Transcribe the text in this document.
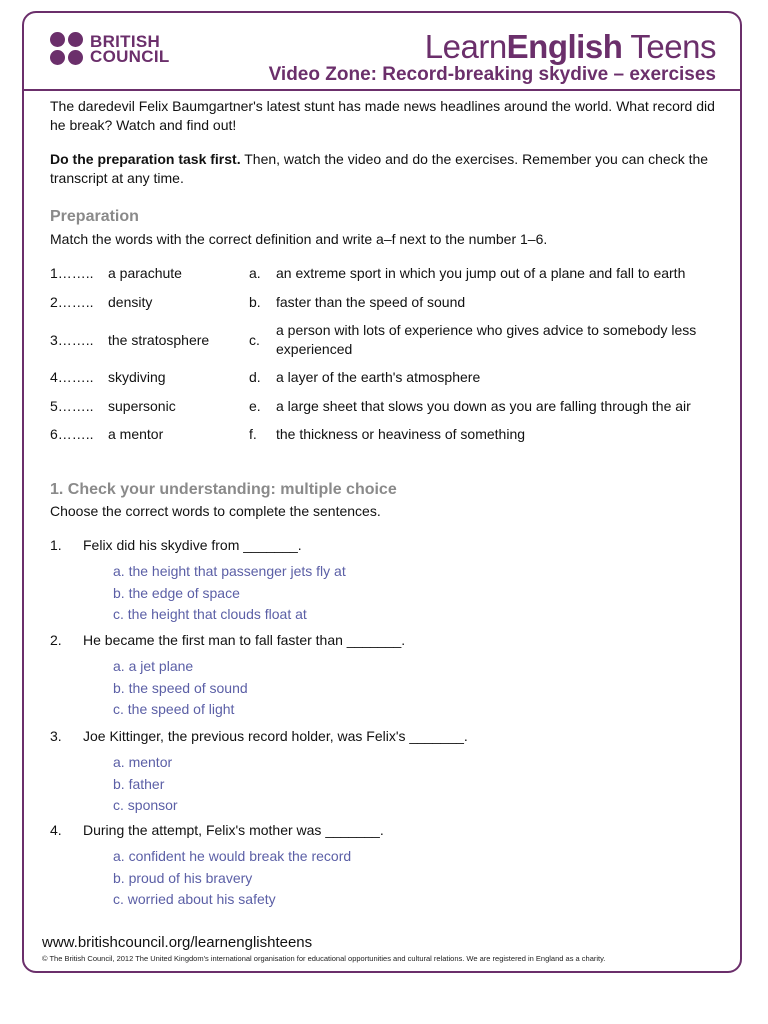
BRITISH
COUNCIL	LearnEnglish Teens
Video Zone: Record-breaking skydive – exercises
The daredevil Felix Baumgartner's latest stunt has made news headlines around the world. What record did he break? Watch and find out!
Do the preparation task first. Then, watch the video and do the exercises. Remember you can check the transcript at any time.
Preparation
Match the words with the correct definition and write a–f next to the number 1–6.
1…….. a parachute	a. an extreme sport in which you jump out of a plane and fall to earth
2…….. density	b. faster than the speed of sound
3…….. the stratosphere	c.
a person with lots of experience who gives advice to somebody less experienced
4…….. skydiving	d. a layer of the earth's atmosphere
5…….. supersonic	e. a large sheet that slows you down as you are falling through the air
6…….. a mentor	f. the thickness or heaviness of something
1. Check your understanding: multiple choice
Choose the correct words to complete the sentences.
1. Felix did his skydive from _______.
a. the height that passenger jets fly at
b. the edge of space
c. the height that clouds float at
2. He became the first man to fall faster than _______.
a. a jet plane
b. the speed of sound
c. the speed of light
3. Joe Kittinger, the previous record holder, was Felix's _______.
a. mentor
b. father
c. sponsor
4. During the attempt, Felix's mother was _______.
a. confident he would break the record
b. proud of his bravery
c. worried about his safety
www.britishcouncil.org/learnenglishteens
© The British Council, 2012 The United Kingdom's international organisation for educational opportunities and cultural relations. We are registered in England as a charity.
